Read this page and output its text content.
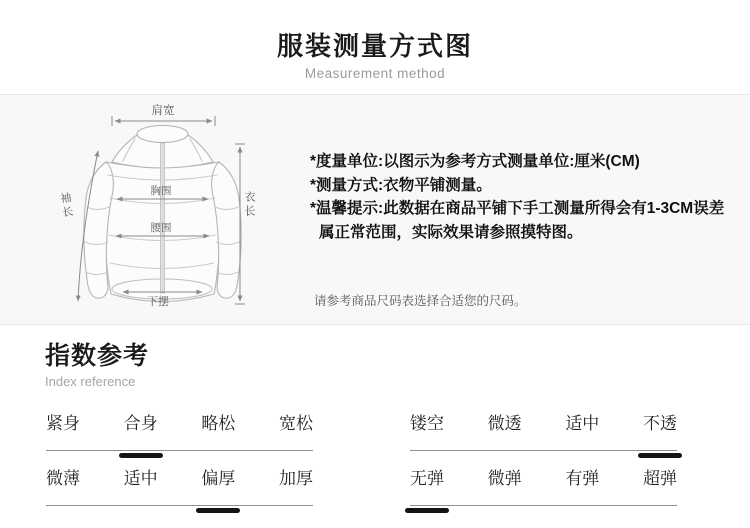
服装测量方式图
Measurement method
肩宽
胸围
腰围
下摆
袖长	衣长
*度量单位:以图示为参考方式测量单位:厘米(CM)
*测量方式:衣物平铺测量。
*温馨提示:此数据在商品平铺下手工测量所得会有1-3CM误差
属正常范围，实际效果请参照摸特图。
请参考商品尺码表选择合适您的尺码。
指数参考
Index reference
紧身	合身	略松	宽松	镂空	微透	适中	不透
微薄	适中	偏厚	加厚	无弹	微弹	有弹	超弹
